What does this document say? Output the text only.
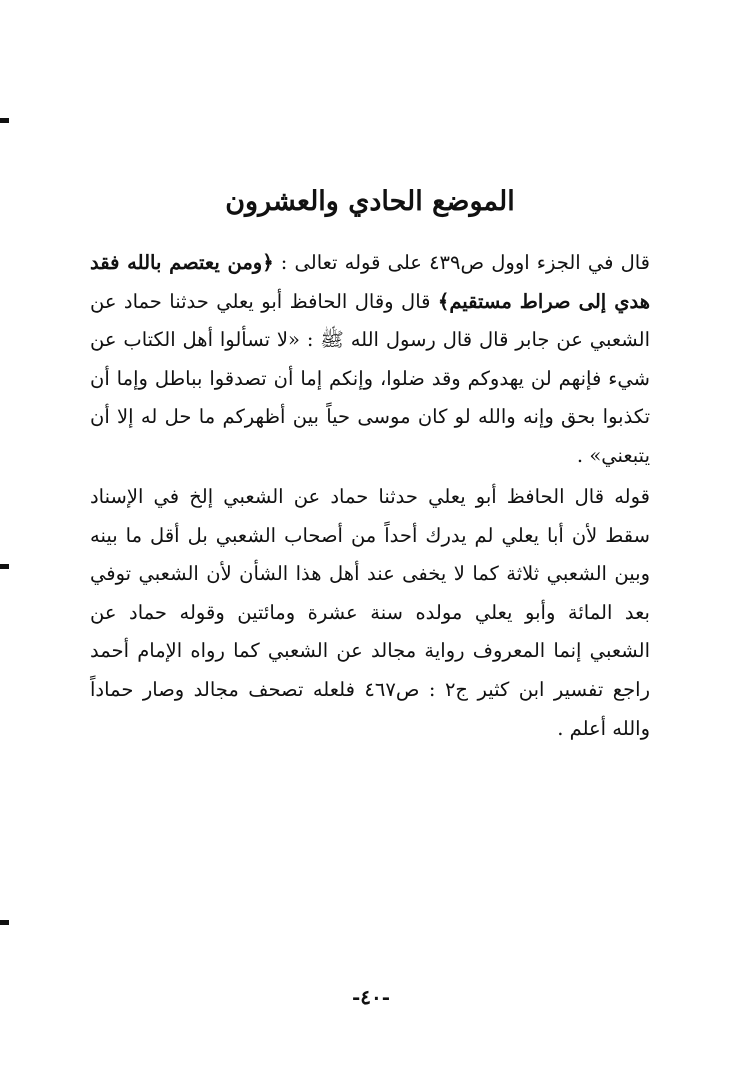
الموضع الحادي والعشرون

قال في الجزء اوول ص٤٣٩ على قوله تعالى : ﴿ومن يعتصم بالله فقد هدي إلى صراط مستقيم﴾ قال وقال الحافظ أبو يعلي حدثنا حماد عن الشعبي عن جابر قال قال رسول الله ﷺ : «لا تسألوا أهل الكتاب عن شيء فإنهم لن يهدوكم وقد ضلوا، وإنكم إما أن تصدقوا بباطل وإما أن تكذبوا بحق وإنه والله لو كان موسى حياً بين أظهركم ما حل له إلا أن يتبعني» .

قوله قال الحافظ أبو يعلي حدثنا حماد عن الشعبي إلخ في الإسناد سقط لأن أبا يعلي لم يدرك أحداً من أصحاب الشعبي بل أقل ما بينه وبين الشعبي ثلاثة كما لا يخفى عند أهل هذا الشأن لأن الشعبي توفي بعد المائة وأبو يعلي مولده سنة عشرة ومائتين وقوله حماد عن الشعبي إنما المعروف رواية مجالد عن الشعبي كما رواه الإمام أحمد راجع تفسير ابن كثير ج٢ : ص٤٦٧ فلعله تصحف مجالد وصار حماداً والله أعلم .

-٤٠-
